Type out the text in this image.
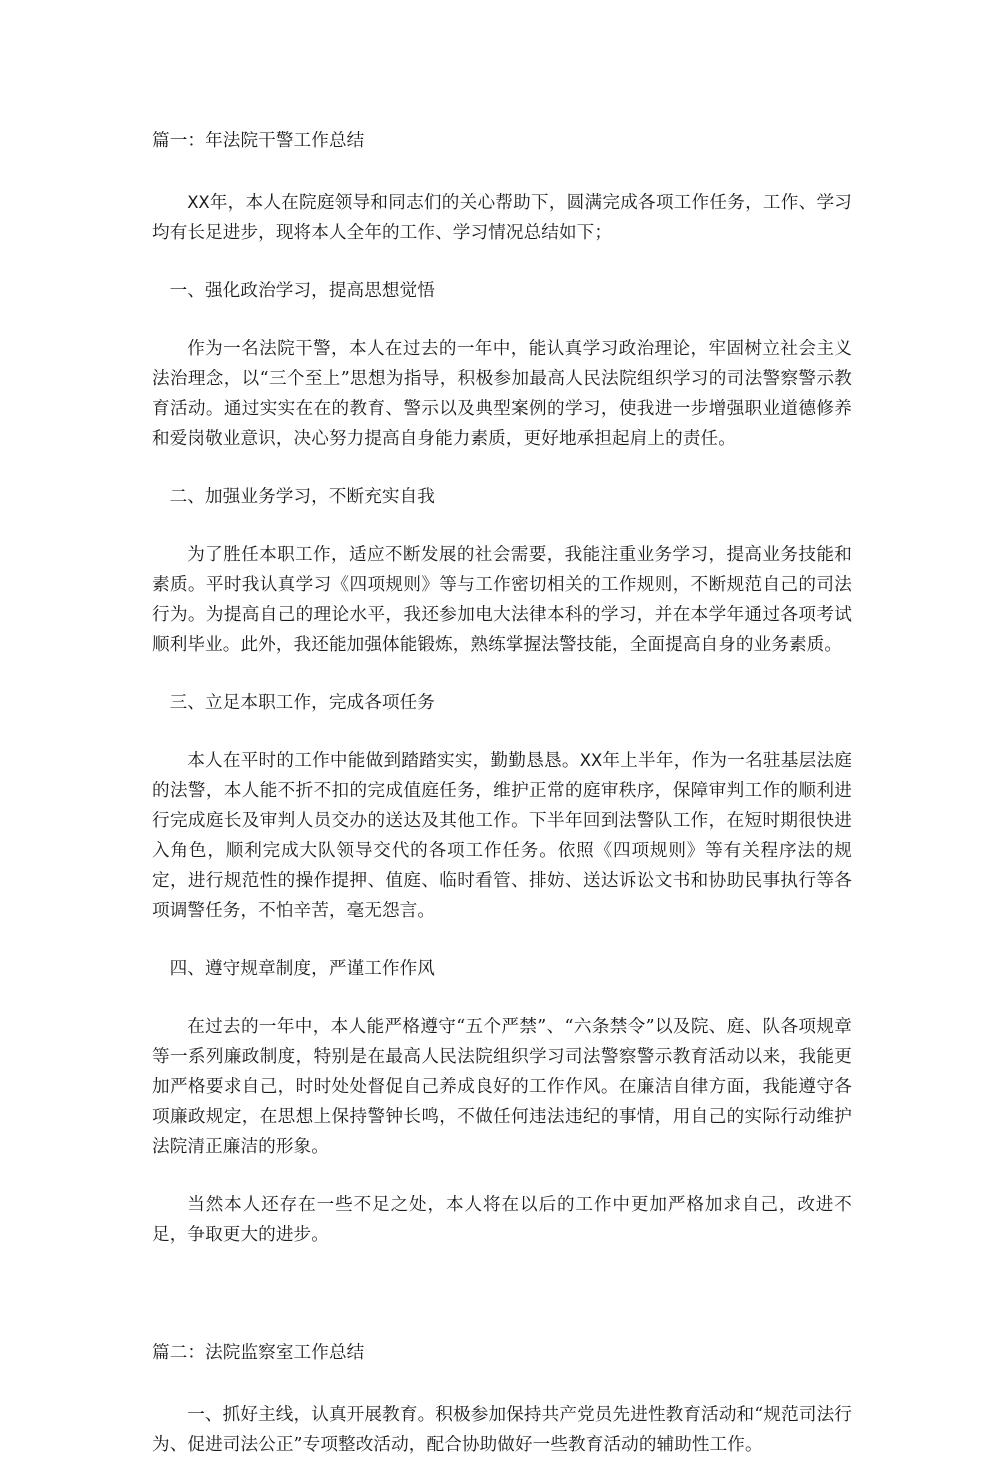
篇一：年法院干警工作总结

XX年，本人在院庭领导和同志们的关心帮助下，圆满完成各项工作任务，工作、学习均有长足进步，现将本人全年的工作、学习情况总结如下；

一、强化政治学习，提高思想觉悟

作为一名法院干警，本人在过去的一年中，能认真学习政治理论，牢固树立社会主义法治理念，以“三个至上”思想为指导，积极参加最高人民法院组织学习的司法警察警示教育活动。通过实实在在的教育、警示以及典型案例的学习，使我进一步增强职业道德修养和爱岗敬业意识，决心努力提高自身能力素质，更好地承担起肩上的责任。

二、加强业务学习，不断充实自我

为了胜任本职工作，适应不断发展的社会需要，我能注重业务学习，提高业务技能和素质。平时我认真学习《四项规则》等与工作密切相关的工作规则，不断规范自己的司法行为。为提高自己的理论水平，我还参加电大法律本科的学习，并在本学年通过各项考试顺利毕业。此外，我还能加强体能锻炼，熟练掌握法警技能，全面提高自身的业务素质。

三、立足本职工作，完成各项任务

本人在平时的工作中能做到踏踏实实，勤勤恳恳。XX年上半年，作为一名驻基层法庭的法警，本人能不折不扣的完成值庭任务，维护正常的庭审秩序，保障审判工作的顺利进行完成庭长及审判人员交办的送达及其他工作。下半年回到法警队工作，在短时期很快进入角色，顺利完成大队领导交代的各项工作任务。依照《四项规则》等有关程序法的规定，进行规范性的操作提押、值庭、临时看管、排妨、送达诉讼文书和协助民事执行等各项调警任务，不怕辛苦，毫无怨言。

四、遵守规章制度，严谨工作作风

在过去的一年中，本人能严格遵守“五个严禁”、“六条禁令”以及院、庭、队各项规章等一系列廉政制度，特别是在最高人民法院组织学习司法警察警示教育活动以来，我能更加严格要求自己，时时处处督促自己养成良好的工作作风。在廉洁自律方面，我能遵守各项廉政规定，在思想上保持警钟长鸣，不做任何违法违纪的事情，用自己的实际行动维护法院清正廉洁的形象。

当然本人还存在一些不足之处，本人将在以后的工作中更加严格加求自己，改进不足，争取更大的进步。

篇二：法院监察室工作总结

一、抓好主线，认真开展教育。积极参加保持共产党员先进性教育活动和“规范司法行为、促进司法公正”专项整改活动，配合协助做好一些教育活动的辅助性工作。
